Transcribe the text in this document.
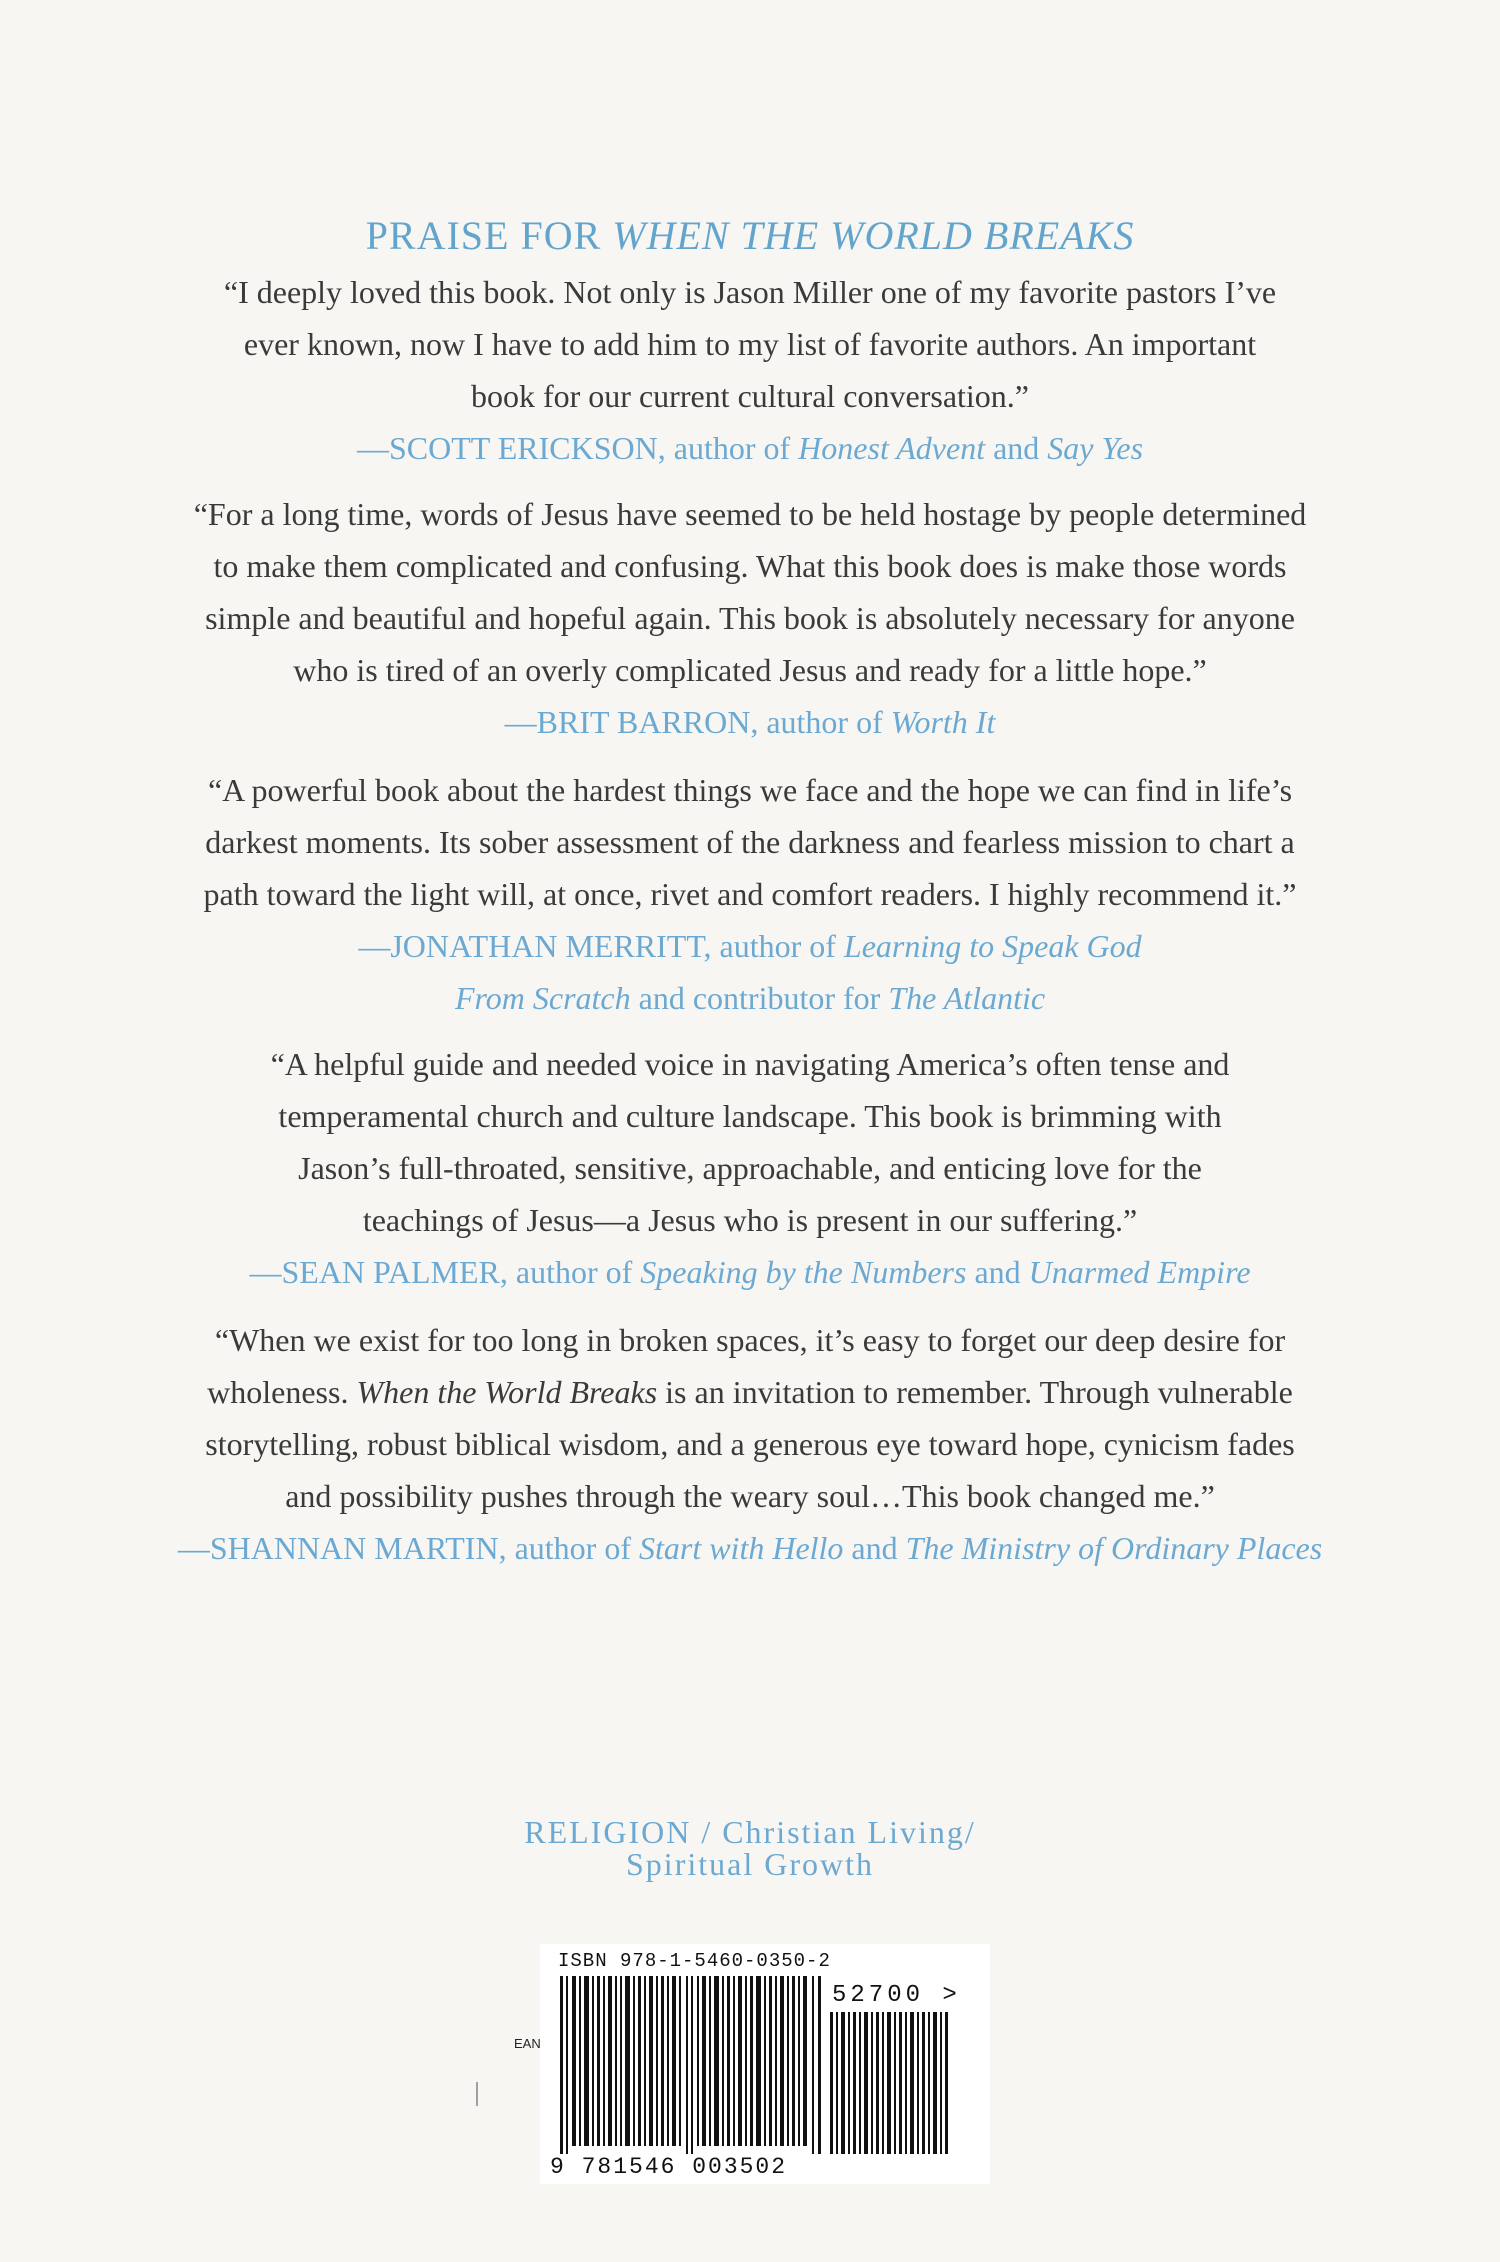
PRAISE FOR WHEN THE WORLD BREAKS
“I deeply loved this book. Not only is Jason Miller one of my favorite pastors I’ve
ever known, now I have to add him to my list of favorite authors. An important
book for our current cultural conversation.”
—SCOTT ERICKSON, author of Honest Advent and Say Yes
“For a long time, words of Jesus have seemed to be held hostage by people determined
to make them complicated and confusing. What this book does is make those words
simple and beautiful and hopeful again. This book is absolutely necessary for anyone
who is tired of an overly complicated Jesus and ready for a little hope.”
—BRIT BARRON, author of Worth It
“A powerful book about the hardest things we face and the hope we can find in life’s
darkest moments. Its sober assessment of the darkness and fearless mission to chart a
path toward the light will, at once, rivet and comfort readers. I highly recommend it.”
—JONATHAN MERRITT, author of Learning to Speak God
From Scratch and contributor for The Atlantic
“A helpful guide and needed voice in navigating America’s often tense and
temperamental church and culture landscape. This book is brimming with
Jason’s full-throated, sensitive, approachable, and enticing love for the
teachings of Jesus—a Jesus who is present in our suffering.”
—SEAN PALMER, author of Speaking by the Numbers and Unarmed Empire
“When we exist for too long in broken spaces, it’s easy to forget our deep desire for
wholeness. When the World Breaks is an invitation to remember. Through vulnerable
storytelling, robust biblical wisdom, and a generous eye toward hope, cynicism fades
and possibility pushes through the weary soul…This book changed me.”
—SHANNAN MARTIN, author of Start with Hello and The Ministry of Ordinary Places
RELIGION / Christian Living/
Spiritual Growth
ISBN 978-1-5460-0350-2
52700 >
EAN
9 781546 003502
